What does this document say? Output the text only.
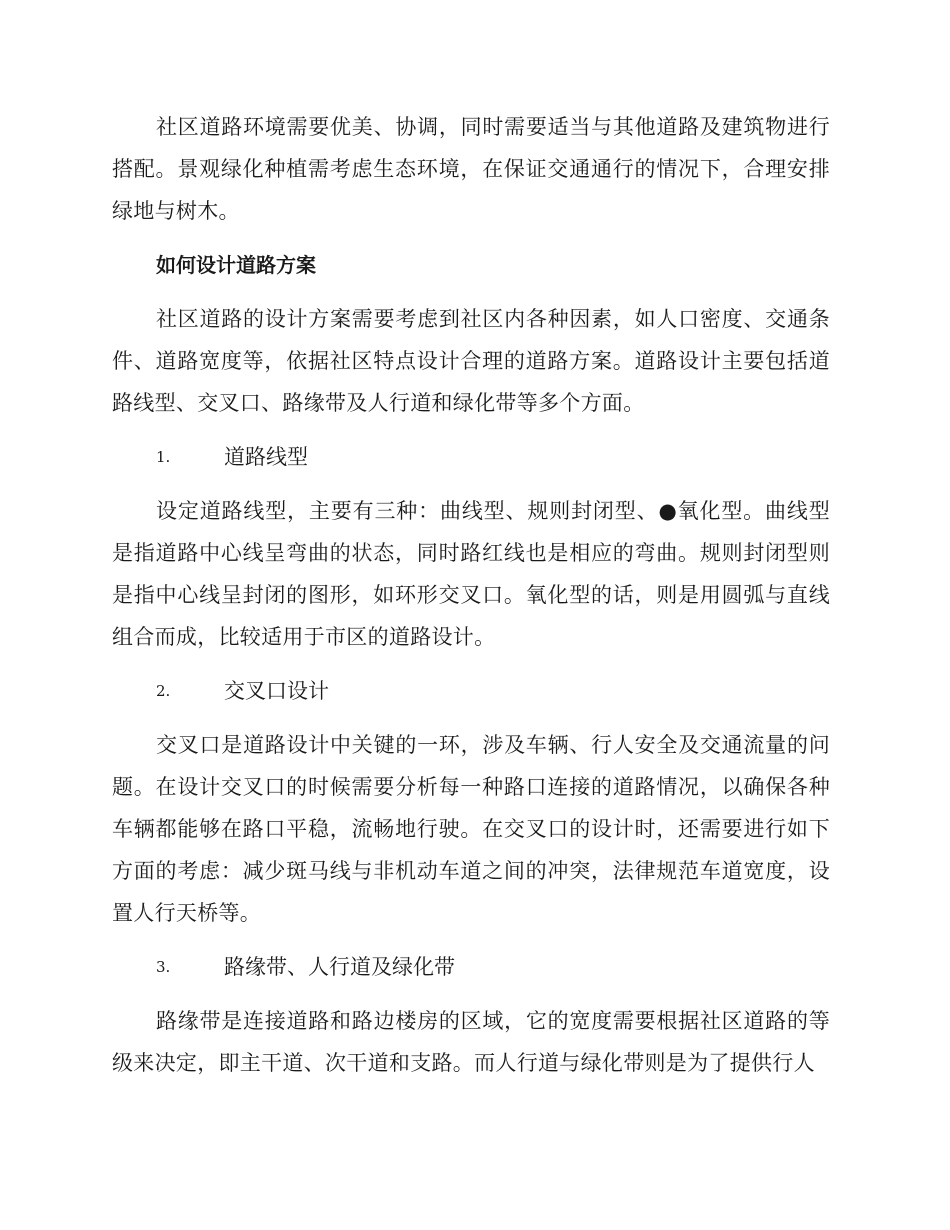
社区道路环境需要优美、协调，同时需要适当与其他道路及建筑物进行搭配。景观绿化种植需考虑生态环境，在保证交通通行的情况下，合理安排绿地与树木。

如何设计道路方案

社区道路的设计方案需要考虑到社区内各种因素，如人口密度、交通条件、道路宽度等，依据社区特点设计合理的道路方案。道路设计主要包括道路线型、交叉口、路缘带及人行道和绿化带等多个方面。

1.	道路线型

设定道路线型，主要有三种：曲线型、规则封闭型、●氧化型。曲线型是指道路中心线呈弯曲的状态，同时路红线也是相应的弯曲。规则封闭型则是指中心线呈封闭的图形，如环形交叉口。氧化型的话，则是用圆弧与直线组合而成，比较适用于市区的道路设计。

2.	交叉口设计

交叉口是道路设计中关键的一环，涉及车辆、行人安全及交通流量的问题。在设计交叉口的时候需要分析每一种路口连接的道路情况，以确保各种车辆都能够在路口平稳，流畅地行驶。在交叉口的设计时，还需要进行如下方面的考虑：减少斑马线与非机动车道之间的冲突，法律规范车道宽度，设置人行天桥等。

3.	路缘带、人行道及绿化带

路缘带是连接道路和路边楼房的区域，它的宽度需要根据社区道路的等级来决定，即主干道、次干道和支路。而人行道与绿化带则是为了提供行人
